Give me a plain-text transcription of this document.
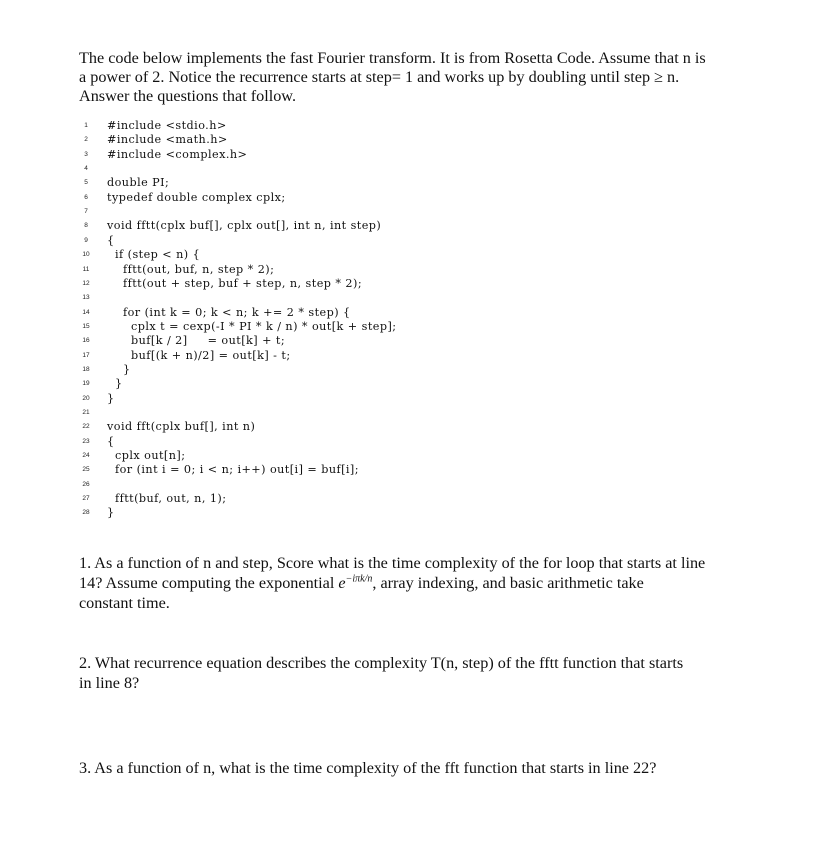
The code below implements the fast Fourier transform. It is from Rosetta Code. Assume that n is
a power of 2. Notice the recurrence starts at step= 1 and works up by doubling until step ≥ n.
Answer the questions that follow.
1	#include <stdio.h>
2	#include <math.h>
3	#include <complex.h>
4
5	double PI;
6	typedef double complex cplx;
7
8	void fftt(cplx buf[], cplx out[], int n, int step)
9	{
10 if (step < n) {
11 fftt(out, buf, n, step * 2);
12 fftt(out + step, buf + step, n, step * 2);
13
14 for (int k = 0; k < n; k += 2 * step) {
15 cplx t = cexp(-I * PI * k / n) * out[k + step];
16 buf[k / 2]     = out[k] + t;
17 buf[(k + n)/2] = out[k] - t;
18 }
19 }
20 }
21
22 void fft(cplx buf[], int n)
23 {
24 cplx out[n];
25 for (int i = 0; i < n; i++) out[i] = buf[i];
26
27 fftt(buf, out, n, 1);
28 }
1. As a function of n and step, Score what is the time complexity of the for loop that starts at line
14? Assume computing the exponential $e^{-i\pi k/n}$, array indexing, and basic arithmetic take
constant time.
2. What recurrence equation describes the complexity T(n, step) of the fftt function that starts
in line 8?
3. As a function of n, what is the time complexity of the fft function that starts in line 22?
